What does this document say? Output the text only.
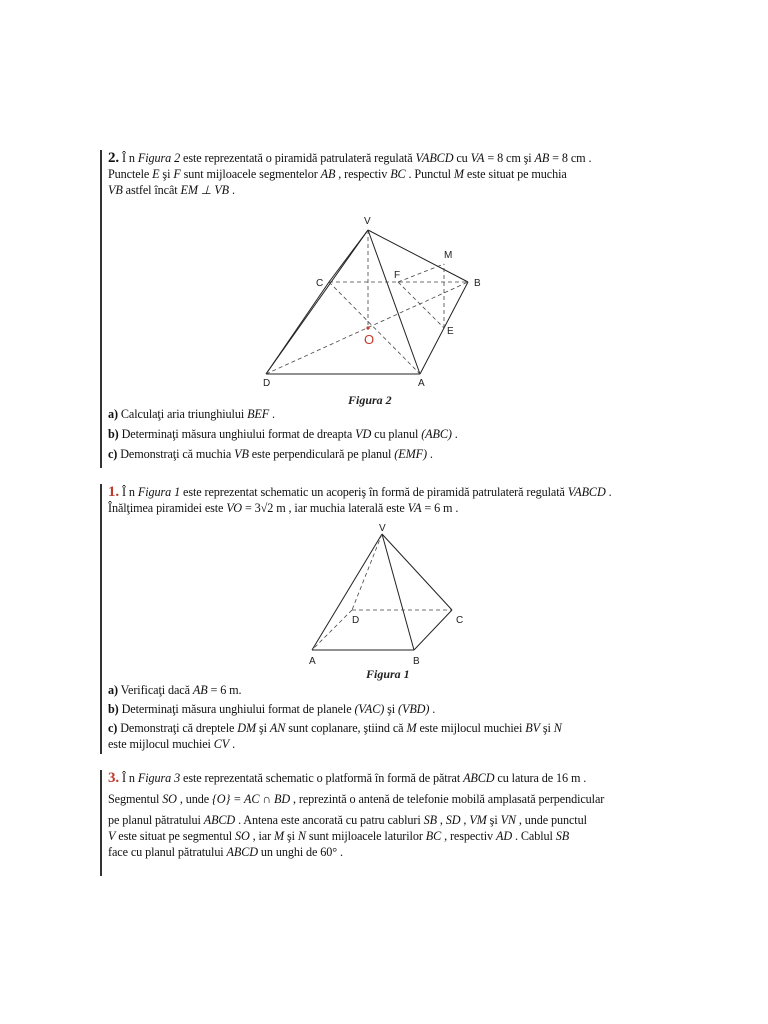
2. Î n Figura 2 este reprezentată o piramidă patrulateră regulată VABCD cu VA = 8 cm şi AB = 8 cm .
Punctele E şi F sunt mijloacele segmentelor AB , respectiv BC . Punctul M este situat pe muchia
VB astfel încât EM ⊥ VB .
V
C
F
M
B
E
O
D	A
Figura 2
a) Calculaţi aria triunghiului BEF .
b) Determinaţi măsura unghiului format de dreapta VD cu planul (ABC) .
c) Demonstraţi că muchia VB este perpendiculară pe planul (EMF) .
1. Î n Figura 1 este reprezentat schematic un acoperiş în formă de piramidă patrulateră regulată VABCD .
Înălţimea piramidei este VO = 3√2 m , iar muchia laterală este VA = 6 m .
V
D	C
A	B
Figura 1
a) Verificaţi dacă AB = 6 m.
b) Determinaţi măsura unghiului format de planele (VAC) şi (VBD) .
c) Demonstraţi că dreptele DM şi AN sunt coplanare, ştiind că M este mijlocul muchiei BV şi N
este mijlocul muchiei CV .
3. Î n Figura 3 este reprezentată schematic o platformă în formă de pătrat ABCD cu latura de 16 m .
Segmentul SO , unde {O} = AC ∩ BD , reprezintă o antenă de telefonie mobilă amplasată perpendicular
pe planul pătratului ABCD . Antena este ancorată cu patru cabluri SB , SD , VM şi VN , unde punctul
V este situat pe segmentul SO , iar M şi N sunt mijloacele laturilor BC , respectiv AD . Cablul SB
face cu planul pătratului ABCD un unghi de 60° .
